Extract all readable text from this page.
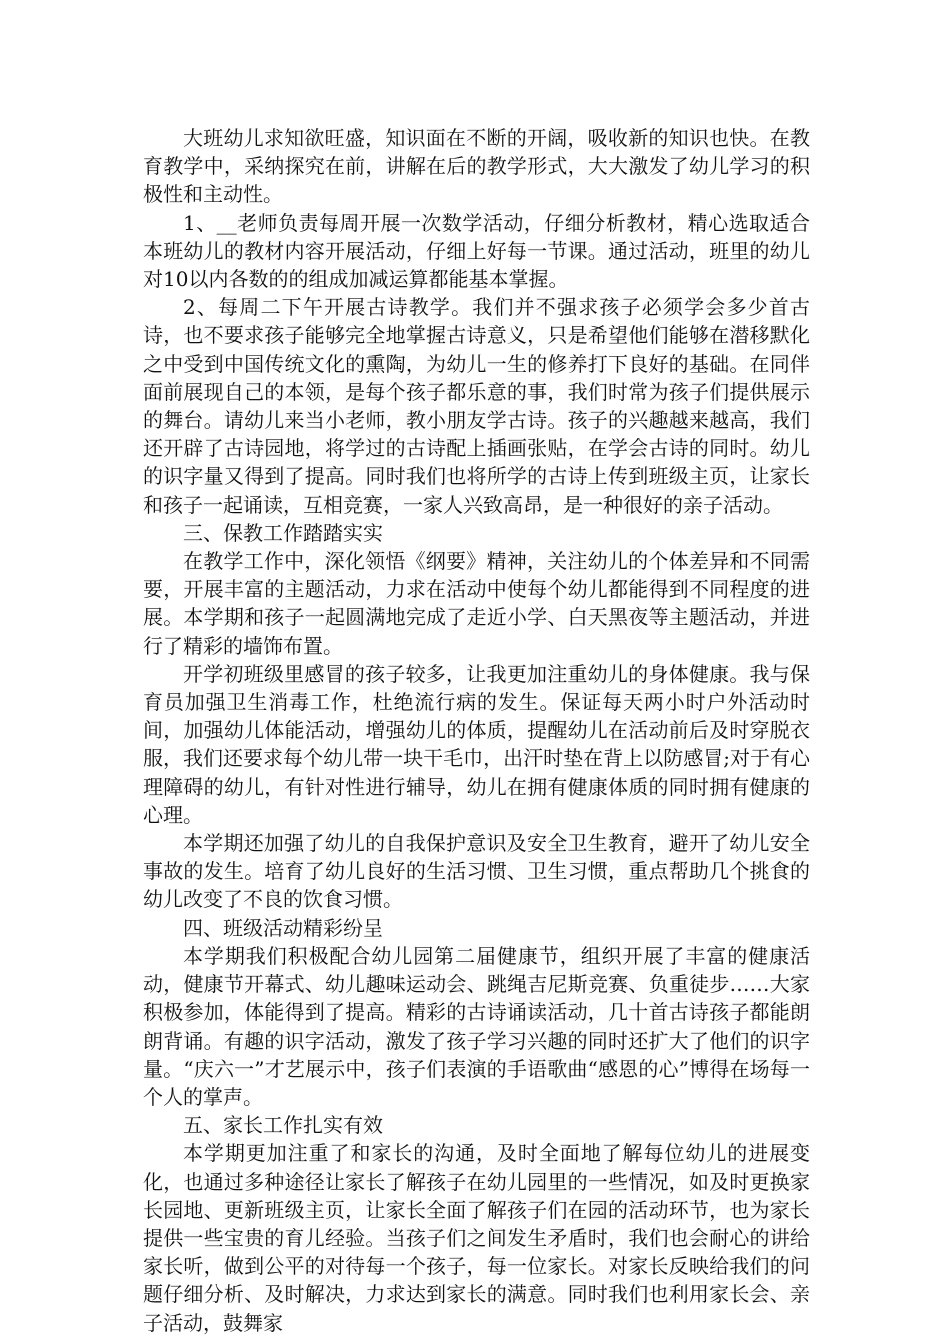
大班幼儿求知欲旺盛，知识面在不断的开阔，吸收新的知识也快。在教育教学中，采纳探究在前，讲解在后的教学形式，大大激发了幼儿学习的积极性和主动性。

1、__老师负责每周开展一次数学活动，仔细分析教材，精心选取适合本班幼儿的教材内容开展活动，仔细上好每一节课。通过活动，班里的幼儿对10以内各数的的组成加减运算都能基本掌握。

2、每周二下午开展古诗教学。我们并不强求孩子必须学会多少首古诗，也不要求孩子能够完全地掌握古诗意义，只是希望他们能够在潜移默化之中受到中国传统文化的熏陶，为幼儿一生的修养打下良好的基础。在同伴面前展现自己的本领，是每个孩子都乐意的事，我们时常为孩子们提供展示的舞台。请幼儿来当小老师，教小朋友学古诗。孩子的兴趣越来越高，我们还开辟了古诗园地，将学过的古诗配上插画张贴，在学会古诗的同时。幼儿的识字量又得到了提高。同时我们也将所学的古诗上传到班级主页，让家长和孩子一起诵读，互相竞赛，一家人兴致高昂，是一种很好的亲子活动。

三、保教工作踏踏实实

在教学工作中，深化领悟《纲要》精神，关注幼儿的个体差异和不同需要，开展丰富的主题活动，力求在活动中使每个幼儿都能得到不同程度的进展。本学期和孩子一起圆满地完成了走近小学、白天黑夜等主题活动，并进行了精彩的墙饰布置。

开学初班级里感冒的孩子较多，让我更加注重幼儿的身体健康。我与保育员加强卫生消毒工作，杜绝流行病的发生。保证每天两小时户外活动时间，加强幼儿体能活动，增强幼儿的体质，提醒幼儿在活动前后及时穿脱衣服，我们还要求每个幼儿带一块干毛巾，出汗时垫在背上以防感冒;对于有心理障碍的幼儿，有针对性进行辅导，幼儿在拥有健康体质的同时拥有健康的心理。

本学期还加强了幼儿的自我保护意识及安全卫生教育，避开了幼儿安全事故的发生。培育了幼儿良好的生活习惯、卫生习惯，重点帮助几个挑食的幼儿改变了不良的饮食习惯。

四、班级活动精彩纷呈

本学期我们积极配合幼儿园第二届健康节，组织开展了丰富的健康活动，健康节开幕式、幼儿趣味运动会、跳绳吉尼斯竞赛、负重徒步……大家积极参加，体能得到了提高。精彩的古诗诵读活动，几十首古诗孩子都能朗朗背诵。有趣的识字活动，激发了孩子学习兴趣的同时还扩大了他们的识字量。“庆六一”才艺展示中，孩子们表演的手语歌曲“感恩的心”博得在场每一个人的掌声。

五、家长工作扎实有效

本学期更加注重了和家长的沟通，及时全面地了解每位幼儿的进展变化，也通过多种途径让家长了解孩子在幼儿园里的一些情况，如及时更换家长园地、更新班级主页，让家长全面了解孩子们在园的活动环节，也为家长提供一些宝贵的育儿经验。当孩子们之间发生矛盾时，我们也会耐心的讲给家长听，做到公平的对待每一个孩子，每一位家长。对家长反映给我们的问题仔细分析、及时解决，力求达到家长的满意。同时我们也利用家长会、亲子活动，鼓舞家
